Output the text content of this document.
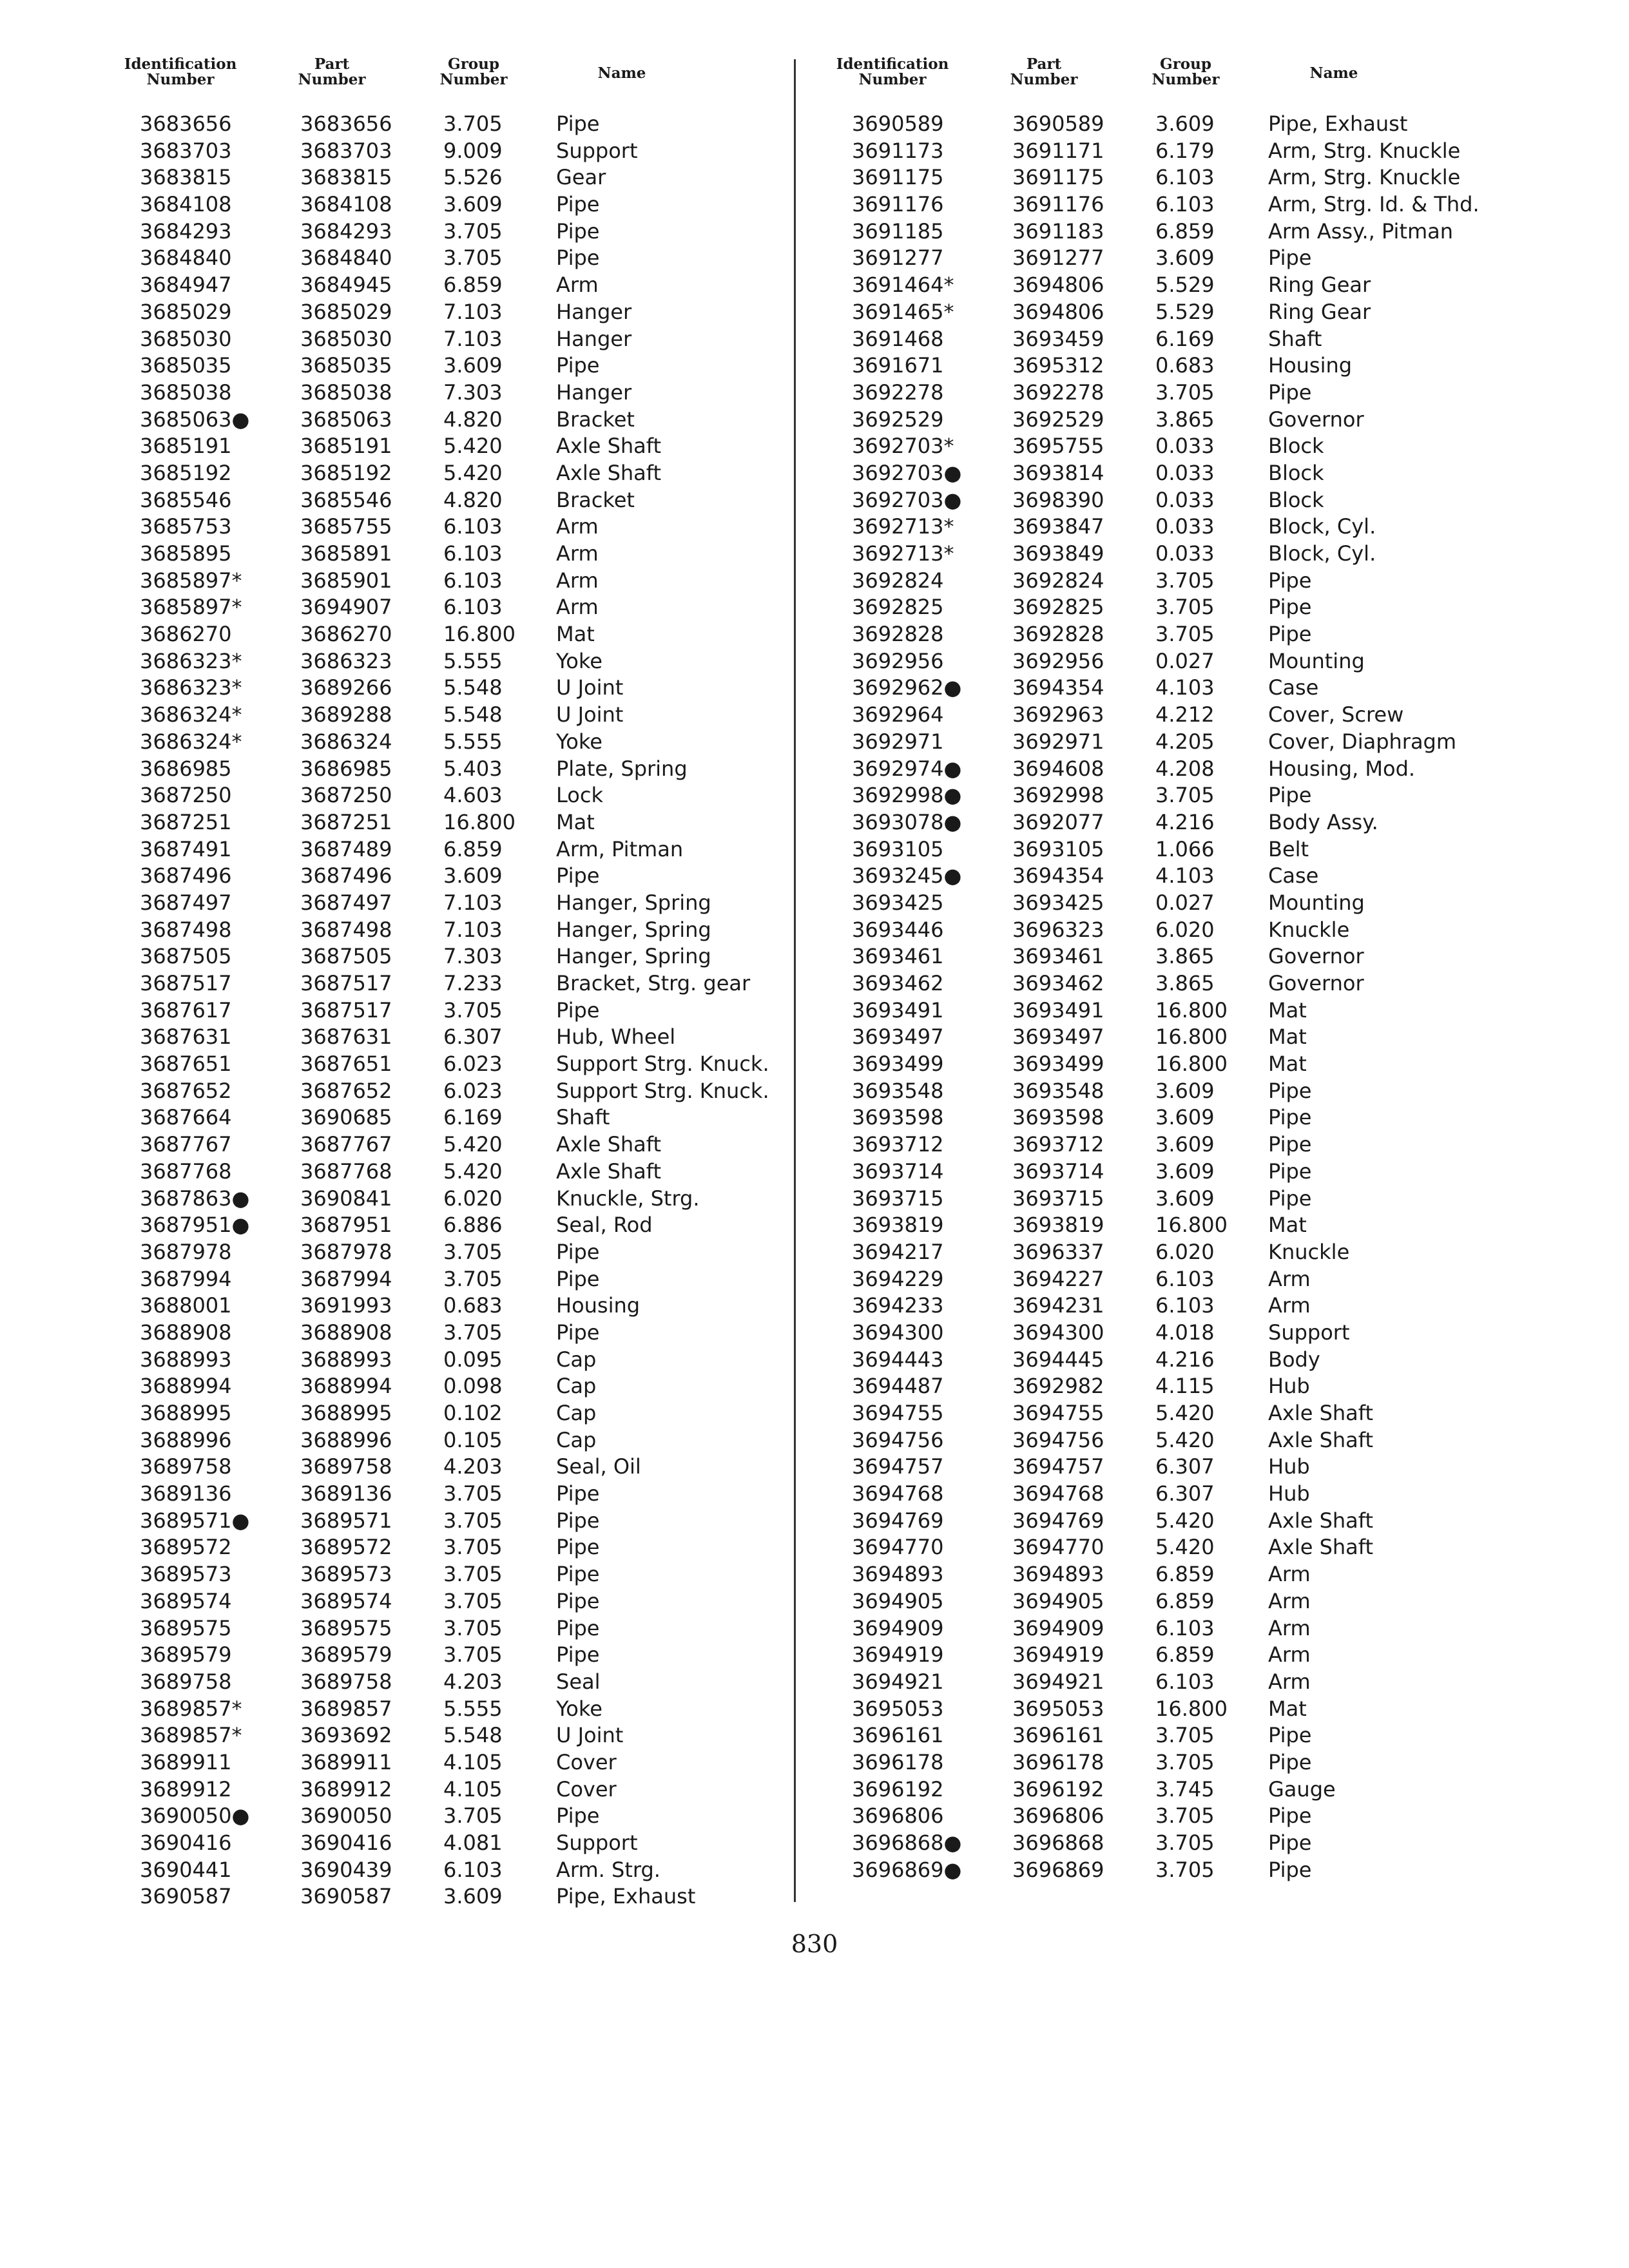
Identification
Number
Part
Number
Group
Number	Name
3683656	3683656 3.705	Pipe
3683703	3683703 9.009	Support
3683815	3683815 5.526	Gear
3684108	3684108 3.609	Pipe
3684293	3684293 3.705	Pipe
3684840	3684840 3.705	Pipe
3684947	3684945 6.859	Arm
3685029	3685029 7.103	Hanger
3685030	3685030 7.103	Hanger
3685035	3685035 3.609	Pipe
3685038	3685038 7.303	Hanger
3685063● 3685063 4.820	Bracket
3685191	3685191 5.420	Axle Shaft
3685192	3685192 5.420	Axle Shaft
3685546	3685546 4.820	Bracket
3685753	3685755 6.103	Arm
3685895	3685891 6.103	Arm
3685897*	3685901 6.103	Arm
3685897*	3694907 6.103	Arm
3686270	3686270 16.800 Mat
3686323*	3686323 5.555	Yoke
3686323*	3689266 5.548	U Joint
3686324*	3689288 5.548	U Joint
3686324*	3686324 5.555	Yoke
3686985	3686985 5.403	Plate, Spring
3687250	3687250 4.603	Lock
3687251	3687251 16.800 Mat
3687491	3687489 6.859	Arm, Pitman
3687496	3687496 3.609	Pipe
3687497	3687497 7.103	Hanger, Spring
3687498	3687498 7.103	Hanger, Spring
3687505	3687505 7.303	Hanger, Spring
3687517	3687517 7.233	Bracket, Strg. gear
3687617	3687517 3.705	Pipe
3687631	3687631 6.307	Hub, Wheel
3687651	3687651 6.023	Support Strg. Knuck.
3687652	3687652 6.023	Support Strg. Knuck.
3687664	3690685 6.169	Shaft
3687767	3687767 5.420	Axle Shaft
3687768	3687768 5.420	Axle Shaft
3687863● 3690841 6.020	Knuckle, Strg.
3687951● 3687951 6.886	Seal, Rod
3687978	3687978 3.705	Pipe
3687994	3687994 3.705	Pipe
3688001	3691993 0.683	Housing
3688908	3688908 3.705	Pipe
3688993	3688993 0.095	Cap
3688994	3688994 0.098	Cap
3688995	3688995 0.102	Cap
3688996	3688996 0.105	Cap
3689758	3689758 4.203	Seal, Oil
3689136	3689136 3.705	Pipe
3689571● 3689571 3.705	Pipe
3689572	3689572 3.705	Pipe
3689573	3689573 3.705	Pipe
3689574	3689574 3.705	Pipe
3689575	3689575 3.705	Pipe
3689579	3689579 3.705	Pipe
3689758	3689758 4.203	Seal
3689857*	3689857 5.555	Yoke
3689857*	3693692 5.548	U Joint
3689911	3689911 4.105	Cover
3689912	3689912 4.105	Cover
3690050● 3690050 3.705	Pipe
3690416	3690416 4.081	Support
3690441	3690439 6.103	Arm. Strg.
3690587	3690587 3.609	Pipe, Exhaust
Identification
Number
Part
Number
Group
Number	Name
3690589	3690589 3.609	Pipe, Exhaust
3691173	3691171 6.179	Arm, Strg. Knuckle
3691175	3691175 6.103	Arm, Strg. Knuckle
3691176	3691176 6.103	Arm, Strg. Id. & Thd.
3691185	3691183 6.859	Arm Assy., Pitman
3691277	3691277 3.609	Pipe
3691464*	3694806 5.529	Ring Gear
3691465*	3694806 5.529	Ring Gear
3691468	3693459 6.169	Shaft
3691671	3695312 0.683	Housing
3692278	3692278 3.705	Pipe
3692529	3692529 3.865	Governor
3692703*	3695755 0.033	Block
3692703● 3693814 0.033	Block
3692703● 3698390 0.033	Block
3692713*	3693847 0.033	Block, Cyl.
3692713*	3693849 0.033	Block, Cyl.
3692824	3692824 3.705	Pipe
3692825	3692825 3.705	Pipe
3692828	3692828 3.705	Pipe
3692956	3692956 0.027	Mounting
3692962● 3694354 4.103	Case
3692964	3692963 4.212	Cover, Screw
3692971	3692971 4.205	Cover, Diaphragm
3692974● 3694608 4.208	Housing, Mod.
3692998● 3692998 3.705	Pipe
3693078● 3692077 4.216	Body Assy.
3693105	3693105 1.066	Belt
3693245● 3694354 4.103	Case
3693425	3693425 0.027	Mounting
3693446	3696323 6.020	Knuckle
3693461	3693461 3.865	Governor
3693462	3693462 3.865	Governor
3693491	3693491 16.800 Mat
3693497	3693497 16.800 Mat
3693499	3693499 16.800 Mat
3693548	3693548 3.609	Pipe
3693598	3693598 3.609	Pipe
3693712	3693712 3.609	Pipe
3693714	3693714 3.609	Pipe
3693715	3693715 3.609	Pipe
3693819	3693819 16.800 Mat
3694217	3696337 6.020	Knuckle
3694229	3694227 6.103	Arm
3694233	3694231 6.103	Arm
3694300	3694300 4.018	Support
3694443	3694445 4.216	Body
3694487	3692982 4.115	Hub
3694755	3694755 5.420	Axle Shaft
3694756	3694756 5.420	Axle Shaft
3694757	3694757 6.307	Hub
3694768	3694768 6.307	Hub
3694769	3694769 5.420	Axle Shaft
3694770	3694770 5.420	Axle Shaft
3694893	3694893 6.859	Arm
3694905	3694905 6.859	Arm
3694909	3694909 6.103	Arm
3694919	3694919 6.859	Arm
3694921	3694921 6.103	Arm
3695053	3695053 16.800 Mat
3696161	3696161 3.705	Pipe
3696178	3696178 3.705	Pipe
3696192	3696192 3.745	Gauge
3696806	3696806 3.705	Pipe
3696868● 3696868 3.705	Pipe
3696869● 3696869 3.705	Pipe
830
